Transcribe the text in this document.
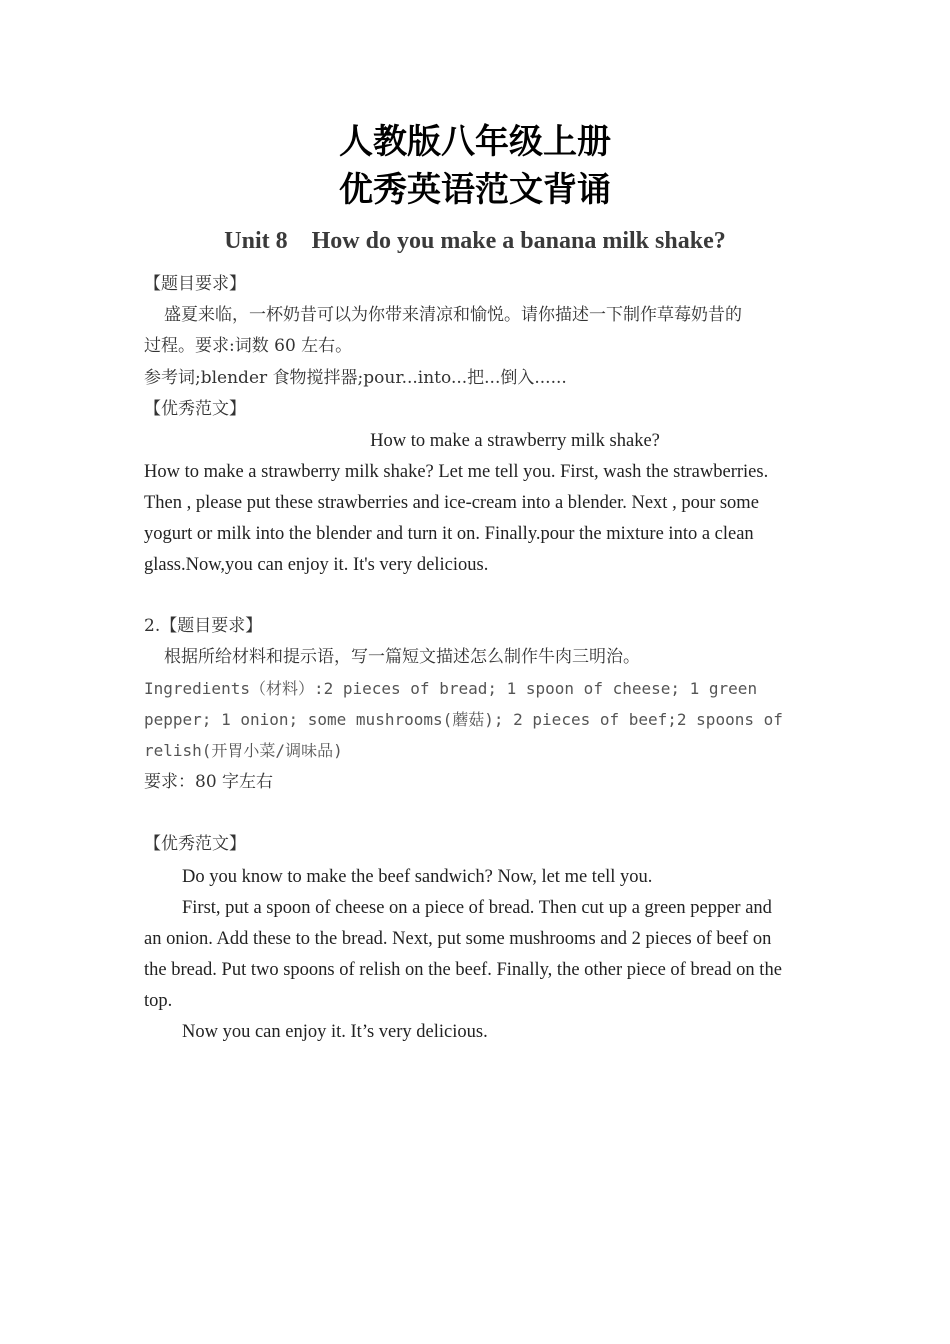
人教版八年级上册
优秀英语范文背诵
Unit 8    How do you make a banana milk shake?
【题目要求】
盛夏来临，一杯奶昔可以为你带来清凉和愉悦。请你描述一下制作草莓奶昔的
过程。要求:词数 60 左右。
参考词;blender 食物搅拌器;pour...into...把...倒入......
【优秀范文】
How to make a strawberry milk shake?
How to make a strawberry milk shake? Let me tell you. First, wash the strawberries.
Then , please put these strawberries and ice-cream into a blender. Next , pour some
yogurt or milk into the blender and turn it on. Finally.pour the mixture into a clean
glass.Now,you can enjoy it. It's very delicious.
2.【题目要求】
根据所给材料和提示语，写一篇短文描述怎么制作牛肉三明治。
Ingredients（材料）:2 pieces of bread; 1 spoon of cheese; 1 green
pepper; 1 onion; some mushrooms(蘑菇); 2 pieces of beef;2 spoons of
relish(开胃小菜/调味品)
要求：80 字左右
【优秀范文】
Do you know to make the beef sandwich? Now, let me tell you.
First, put a spoon of cheese on a piece of bread. Then cut up a green pepper and
an onion. Add these to the bread. Next, put some mushrooms and 2 pieces of beef on
the bread. Put two spoons of relish on the beef. Finally, the other piece of bread on the
top.
Now you can enjoy it. It’s very delicious.
